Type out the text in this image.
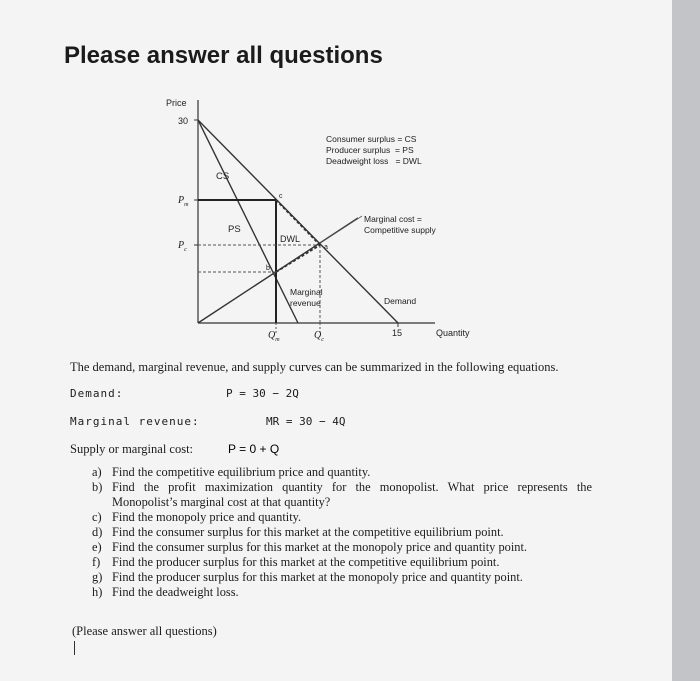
Please answer all questions
Price
30
$P_m$
$P_c$
$Q_m$	$Q_c$
15	Quantity
CS
PS
DWL
c
a
b
Consumer surplus = CS
Producer surplus  = PS
Deadweight loss   = DWL
Marginal cost =
Competitive supply
Marginal
revenue	Demand
The demand, marginal revenue, and supply curves can be summarized in the following equations.
Demand:	P = 30 − 2Q
Marginal revenue:	MR = 30 − 4Q
Supply or marginal cost:	P = 0 + Q
a) Find the competitive equilibrium price and quantity.
b) Find the profit maximization quantity for the monopolist. What price represents the Monopolist’s marginal cost at that quantity?
c) Find the monopoly price and quantity.
d) Find the consumer surplus for this market at the competitive equilibrium point.
e) Find the consumer surplus for this market at the monopoly price and quantity point.
f) Find the producer surplus for this market at the competitive equilibrium point.
g) Find the producer surplus for this market at the monopoly price and quantity point.
h) Find the deadweight loss.
(Please answer all questions)
